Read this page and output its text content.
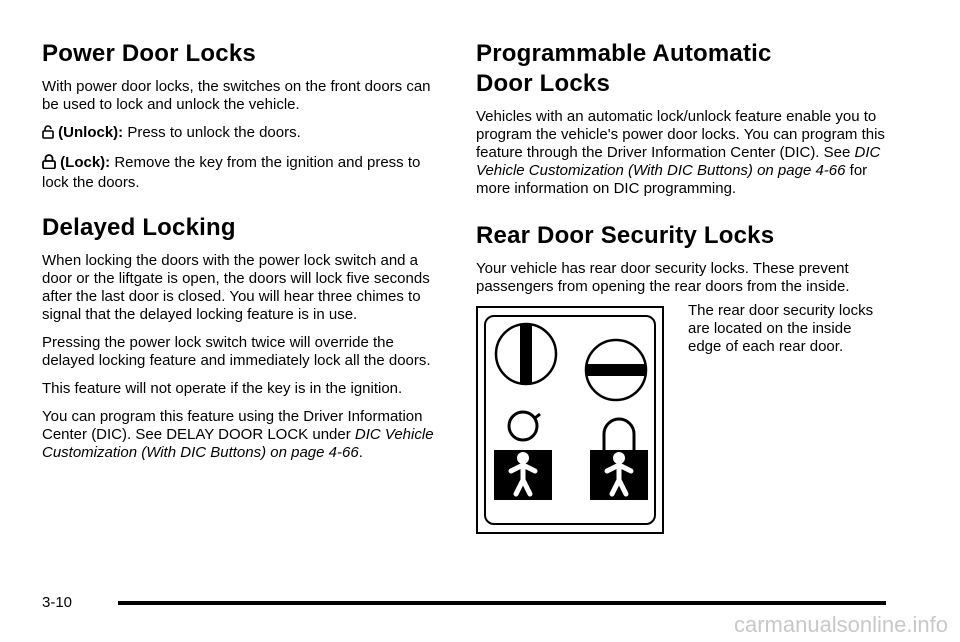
Power Door Locks

With power door locks, the switches on the front doors can be used to lock and unlock the vehicle.

(Unlock): Press to unlock the doors.

(Lock): Remove the key from the ignition and press to lock the doors.

Delayed Locking

When locking the doors with the power lock switch and a door or the liftgate is open, the doors will lock five seconds after the last door is closed. You will hear three chimes to signal that the delayed locking feature is in use.

Pressing the power lock switch twice will override the delayed locking feature and immediately lock all the doors.

This feature will not operate if the key is in the ignition.

You can program this feature using the Driver Information Center (DIC). See DELAY DOOR LOCK under DIC Vehicle Customization (With DIC Buttons) on page 4‑66.

Programmable Automatic
Door Locks

Vehicles with an automatic lock/unlock feature enable you to program the vehicle's power door locks. You can program this feature through the Driver Information Center (DIC). See DIC Vehicle Customization (With DIC Buttons) on page 4‑66 for more information on DIC programming.

Rear Door Security Locks

Your vehicle has rear door security locks. These prevent passengers from opening the rear doors from the inside.

The rear door security locks are located on the inside edge of each rear door.

3-10
carmanualsonline.info
